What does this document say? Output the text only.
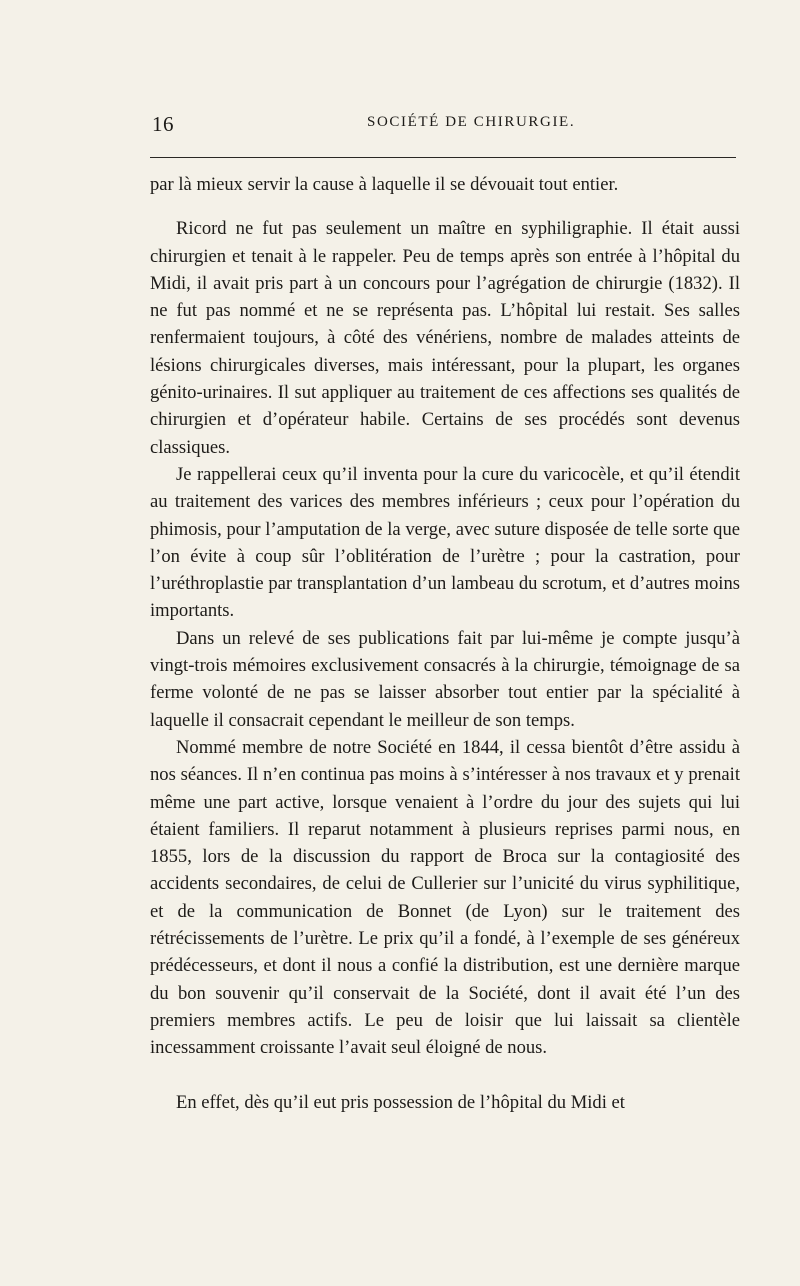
16	SOCIÉTÉ DE CHIRURGIE.

par là mieux servir la cause à laquelle il se dévouait tout entier.

Ricord ne fut pas seulement un maître en syphiligraphie. Il était aussi chirurgien et tenait à le rappeler. Peu de temps après son entrée à l’hôpital du Midi, il avait pris part à un concours pour l’agrégation de chirurgie (1832). Il ne fut pas nommé et ne se représenta pas. L’hôpital lui restait. Ses salles renfermaient toujours, à côté des vénériens, nombre de malades atteints de lésions chirurgicales diverses, mais intéressant, pour la plupart, les organes génito-urinaires. Il sut appliquer au traitement de ces affections ses qualités de chirurgien et d’opérateur habile. Certains de ses procédés sont devenus classiques.

Je rappellerai ceux qu’il inventa pour la cure du varicocèle, et qu’il étendit au traitement des varices des membres inférieurs ; ceux pour l’opération du phimosis, pour l’amputation de la verge, avec suture disposée de telle sorte que l’on évite à coup sûr l’oblitération de l’urètre ; pour la castration, pour l’uréthroplastie par transplantation d’un lambeau du scrotum, et d’autres moins importants.

Dans un relevé de ses publications fait par lui-même je compte jusqu’à vingt-trois mémoires exclusivement consacrés à la chirurgie, témoignage de sa ferme volonté de ne pas se laisser absorber tout entier par la spécialité à laquelle il consacrait cependant le meilleur de son temps.

Nommé membre de notre Société en 1844, il cessa bientôt d’être assidu à nos séances. Il n’en continua pas moins à s’intéresser à nos travaux et y prenait même une part active, lorsque venaient à l’ordre du jour des sujets qui lui étaient familiers. Il reparut notamment à plusieurs reprises parmi nous, en 1855, lors de la discussion du rapport de Broca sur la contagiosité des accidents secondaires, de celui de Cullerier sur l’unicité du virus syphilitique, et de la communication de Bonnet (de Lyon) sur le traitement des rétrécissements de l’urètre. Le prix qu’il a fondé, à l’exemple de ses généreux prédécesseurs, et dont il nous a confié la distribution, est une dernière marque du bon souvenir qu’il conservait de la Société, dont il avait été l’un des premiers membres actifs. Le peu de loisir que lui laissait sa clientèle incessamment croissante l’avait seul éloigné de nous.

En effet, dès qu’il eut pris possession de l’hôpital du Midi et
